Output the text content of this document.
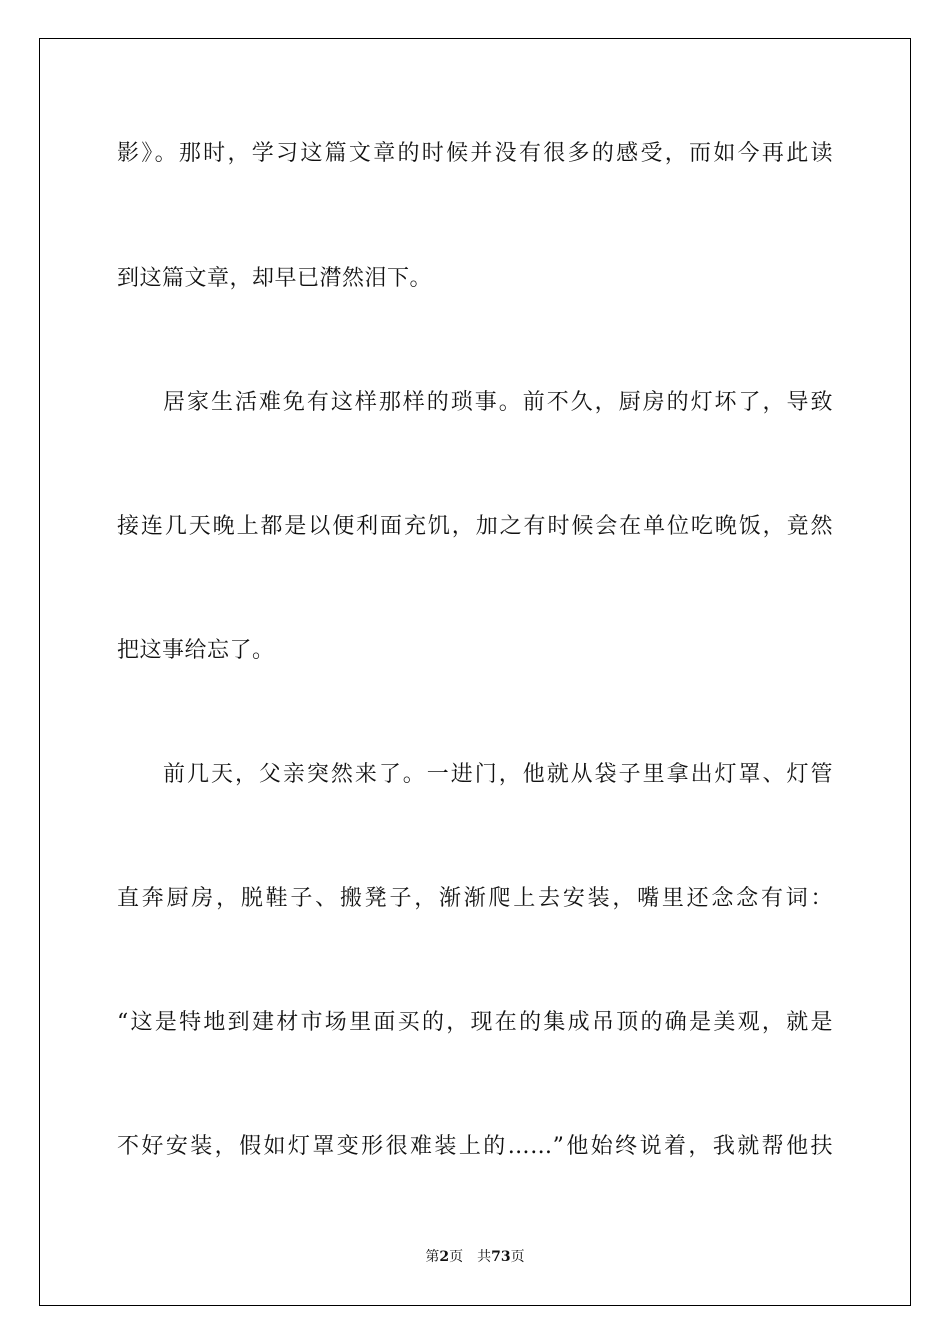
影》。那时，学习这篇文章的时候并没有很多的感受，而如今再此读
到这篇文章，却早已潸然泪下。
居家生活难免有这样那样的琐事。前不久，厨房的灯坏了，导致
接连几天晚上都是以便利面充饥，加之有时候会在单位吃晚饭，竟然
把这事给忘了。
前几天，父亲突然来了。一进门，他就从袋子里拿出灯罩、灯管
直奔厨房，脱鞋子、搬凳子，渐渐爬上去安装，嘴里还念念有词：
“这是特地到建材市场里面买的，现在的集成吊顶的确是美观，就是
不好安装，假如灯罩变形很难装上的……”他始终说着，我就帮他扶
第2页 共73页
